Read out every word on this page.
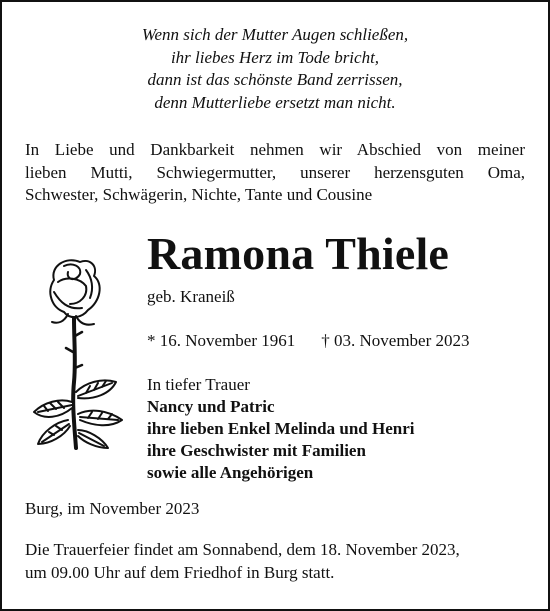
Wenn sich der Mutter Augen schließen,
ihr liebes Herz im Tode bricht,
dann ist das schönste Band zerrissen,
denn Mutterliebe ersetzt man nicht.
In Liebe und Dankbarkeit nehmen wir Abschied von meiner
lieben Mutti, Schwiegermutter, unserer herzensguten Oma,
Schwester, Schwägerin, Nichte, Tante und Cousine
Ramona Thiele
geb. Kraneiß
* 16. November 1961 † 03. November 2023
In tiefer Trauer
Nancy und Patric
ihre lieben Enkel Melinda und Henri
ihre Geschwister mit Familien
sowie alle Angehörigen
Burg, im November 2023
Die Trauerfeier findet am Sonnabend, dem 18. November 2023,
um 09.00 Uhr auf dem Friedhof in Burg statt.
